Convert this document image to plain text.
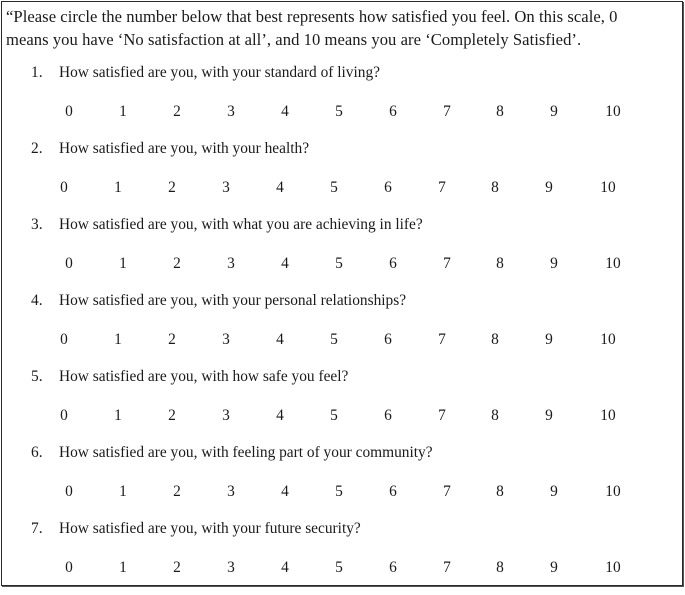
“Please circle the number below that best represents how satisfied you feel. On this scale, 0
means you have ‘No satisfaction at all’, and 10 means you are ‘Completely Satisfied’.
1. How satisfied are you, with your standard of living?
0	1	2	3	4	5	6	7	8	9	10
2. How satisfied are you, with your health?
0	1	2	3	4	5	6	7	8	9	10
3. How satisfied are you, with what you are achieving in life?
0	1	2	3	4	5	6	7	8	9	10
4. How satisfied are you, with your personal relationships?
0	1	2	3	4	5	6	7	8	9	10
5. How satisfied are you, with how safe you feel?
0	1	2	3	4	5	6	7	8	9	10
6. How satisfied are you, with feeling part of your community?
0	1	2	3	4	5	6	7	8	9	10
7. How satisfied are you, with your future security?
0	1	2	3	4	5	6	7	8	9	10
